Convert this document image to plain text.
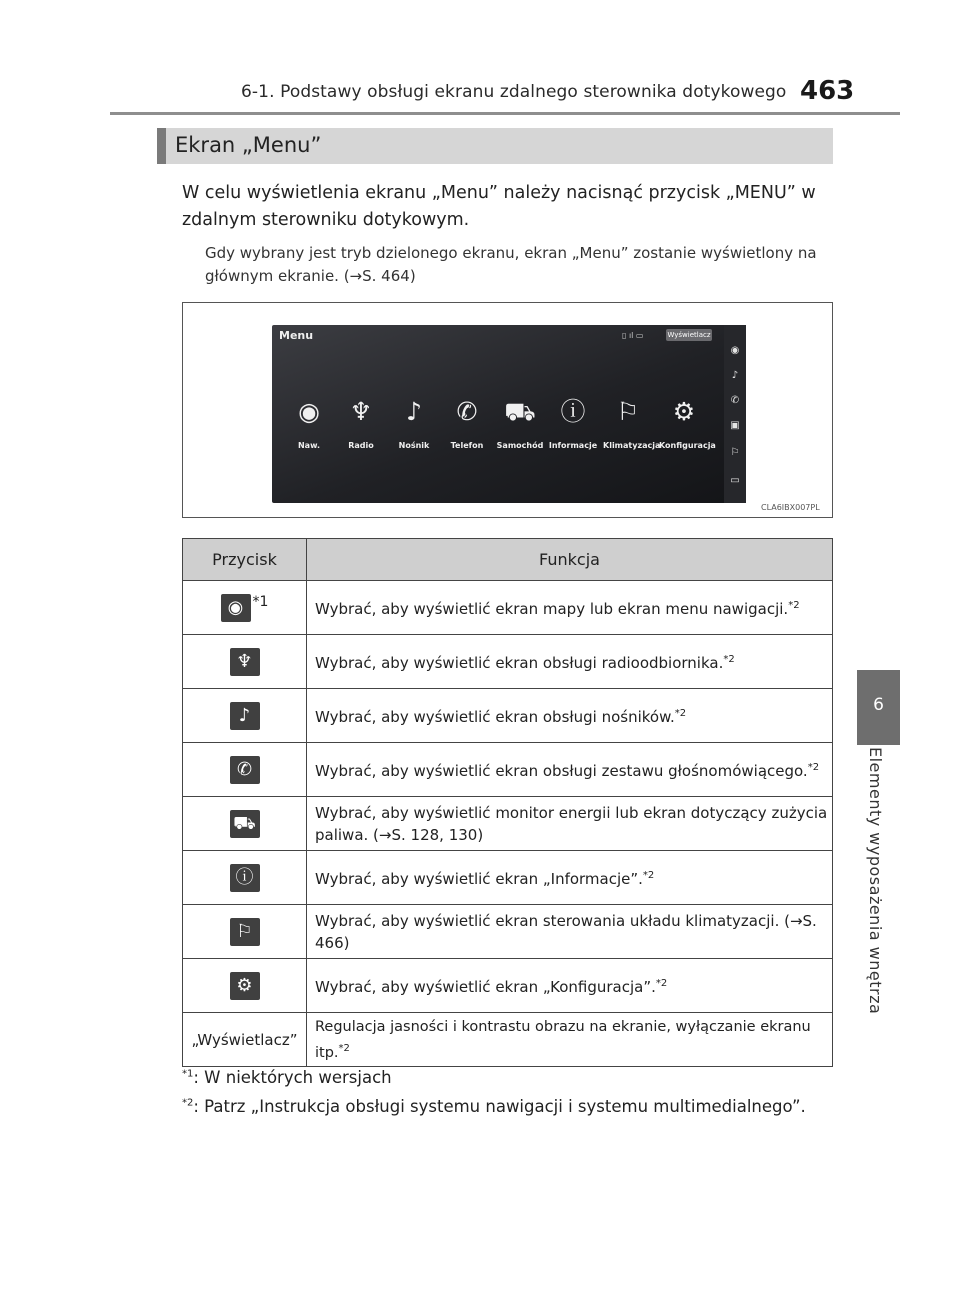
6-1. Podstawy obsługi ekranu zdalnego sterownika dotykowego 463
6
Elementy wyposażenia wnętrza
Ekran „Menu”
W celu wyświetlenia ekranu „Menu” należy nacisnąć przycisk „MENU” w zdalnym sterowniku dotykowym.
Gdy wybrany jest tryb dzielonego ekranu, ekran „Menu” zostanie wyświetlony na głównym ekranie. (→S. 464)
Menu	▯ ıl ▭	Wyświetlacz
◉
Naw.
♆
Radio
♪
Nośnik
✆
Telefon
⛟
Samochód
ⓘ
Informacje
⚐
Klimatyzacja
⚙
Konfiguracja
◉
♪
✆
▣
⚐
▭
CLA6IBX007PL
Przycisk	Funkcja
◉ *1	Wybrać, aby wyświetlić ekran mapy lub ekran menu nawigacji.$^{*2}$
♆	Wybrać, aby wyświetlić ekran obsługi radioodbiornika.$^{*2}$
♪	Wybrać, aby wyświetlić ekran obsługi nośników.$^{*2}$
✆	Wybrać, aby wyświetlić ekran obsługi zestawu głośnomówiącego.$^{*2}$
⛟	Wybrać, aby wyświetlić monitor energii lub ekran dotyczący zużycia paliwa. (→S. 128, 130)
ⓘ	Wybrać, aby wyświetlić ekran „Informacje”.$^{*2}$
⚐	Wybrać, aby wyświetlić ekran sterowania układu klimatyzacji. (→S. 466)
⚙	Wybrać, aby wyświetlić ekran „Konfiguracja”.$^{*2}$
„Wyświetlacz”	Regulacja jasności i kontrastu obrazu na ekranie, wyłączanie ekranu itp.$^{*2}$
$^{*1}$: W niektórych wersjach
$^{*2}$: Patrz „Instrukcja obsługi systemu nawigacji i systemu multimedialnego”.
